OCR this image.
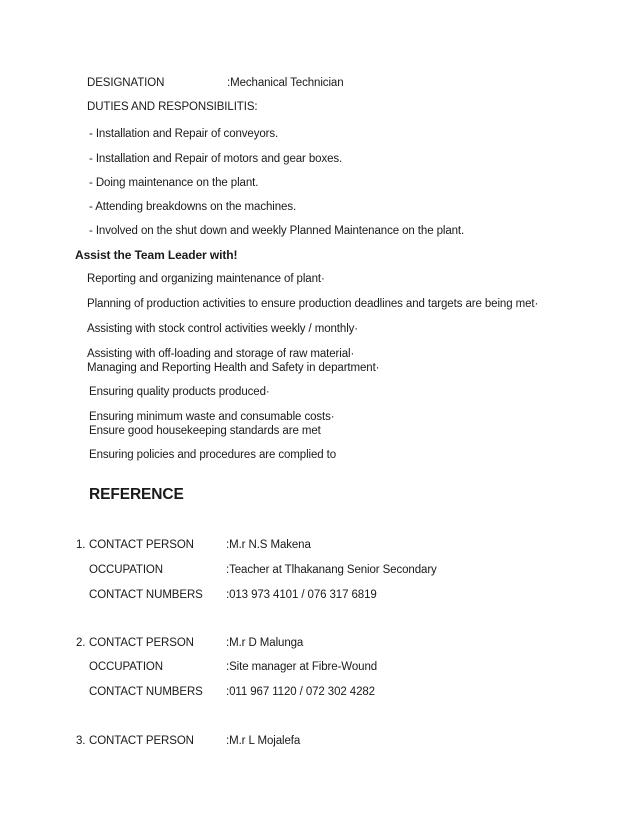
DESIGNATION	:Mechanical Technician
DUTIES AND RESPONSIBILITIS:
- Installation and Repair of conveyors.
- Installation and Repair of motors and gear boxes.
- Doing maintenance on the plant.
- Attending breakdowns on the machines.
- Involved on the shut down and weekly Planned Maintenance on the plant.
Assist the Team Leader with!
Reporting and organizing maintenance of plant·
Planning of production activities to ensure production deadlines and targets are being met·
Assisting with stock control activities weekly / monthly·
Assisting with off-loading and storage of raw material·
Managing and Reporting Health and Safety in department·
Ensuring quality products produced·
Ensuring minimum waste and consumable costs·
Ensure good housekeeping standards are met
Ensuring policies and procedures are complied to
REFERENCE
1. CONTACT PERSON	:M.r N.S Makena
OCCUPATION	:Teacher at Tlhakanang Senior Secondary
CONTACT NUMBERS :013 973 4101 / 076 317 6819
2. CONTACT PERSON	:M.r D Malunga
OCCUPATION	:Site manager at Fibre-Wound
CONTACT NUMBERS :011 967 1120 / 072 302 4282
3. CONTACT PERSON	:M.r L Mojalefa
